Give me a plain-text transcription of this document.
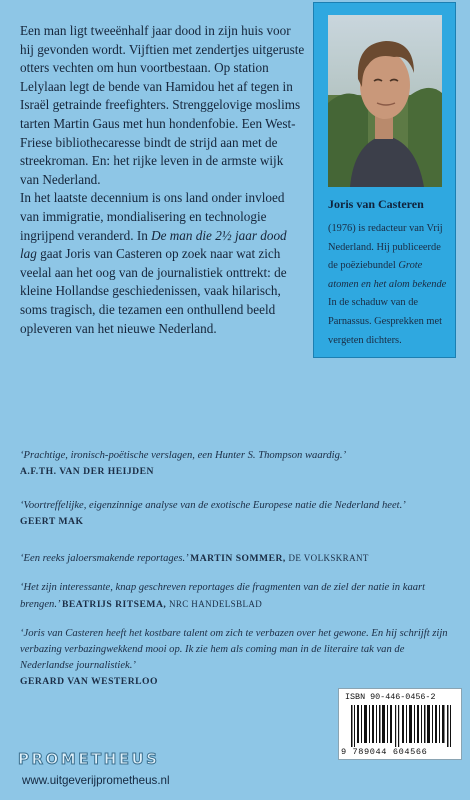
Een man ligt tweeënhalf jaar dood in zijn huis voor hij gevonden wordt. Vijftien met zendertjes uitgeruste otters vechten om hun voortbestaan. Op station Lelylaan legt de bende van Hamidou het af tegen in Israël getrainde freefighters. Strenggelovige moslims tarten Martin Gaus met hun hondenfobie. Een West-Friese bibliothecaresse bindt de strijd aan met de streekroman. En: het rijke leven in de armste wijk van Nederland.

In het laatste decennium is ons land onder invloed van immigratie, mondialisering en technologie ingrijpend veranderd. In De man die 2½ jaar dood lag gaat Joris van Casteren op zoek naar wat zich veelal aan het oog van de journalistiek onttrekt: de kleine Hollandse geschiedenissen, vaak hilarisch, soms tragisch, die tezamen een onthullend beeld opleveren van het nieuwe Nederland.

Joris van Casteren
(1976) is redacteur van Vrij Nederland. Hij publiceerde de poëziebundel Grote atomen en het alom bekende In de schaduw van de Parnassus. Gesprekken met vergeten dichters.
‘Prachtige, ironisch-poëtische verslagen, een Hunter S. Thompson waardig.’
A.F.TH. VAN DER HEIJDEN
‘Voortreffelijke, eigenzinnige analyse van de exotische Europese natie die Nederland heet.’
GEERT MAK
‘Een reeks jaloersmakende reportages.’ MARTIN SOMMER, DE VOLKSKRANT
‘Het zijn interessante, knap geschreven reportages die fragmenten van de ziel der natie in kaart brengen.’ BEATRIJS RITSEMA, NRC HANDELSBLAD
‘Joris van Casteren heeft het kostbare talent om zich te verbazen over het gewone. En hij schrijft zijn verbazing verbazingwekkend mooi op. Ik zie hem als coming man in de literaire tak van de Nederlandse journalistiek.’
GERARD VAN WESTERLOO
ISBN 90-446-0456-2
9 789044 604566
PROMETHEUS
www.uitgeverijprometheus.nl
